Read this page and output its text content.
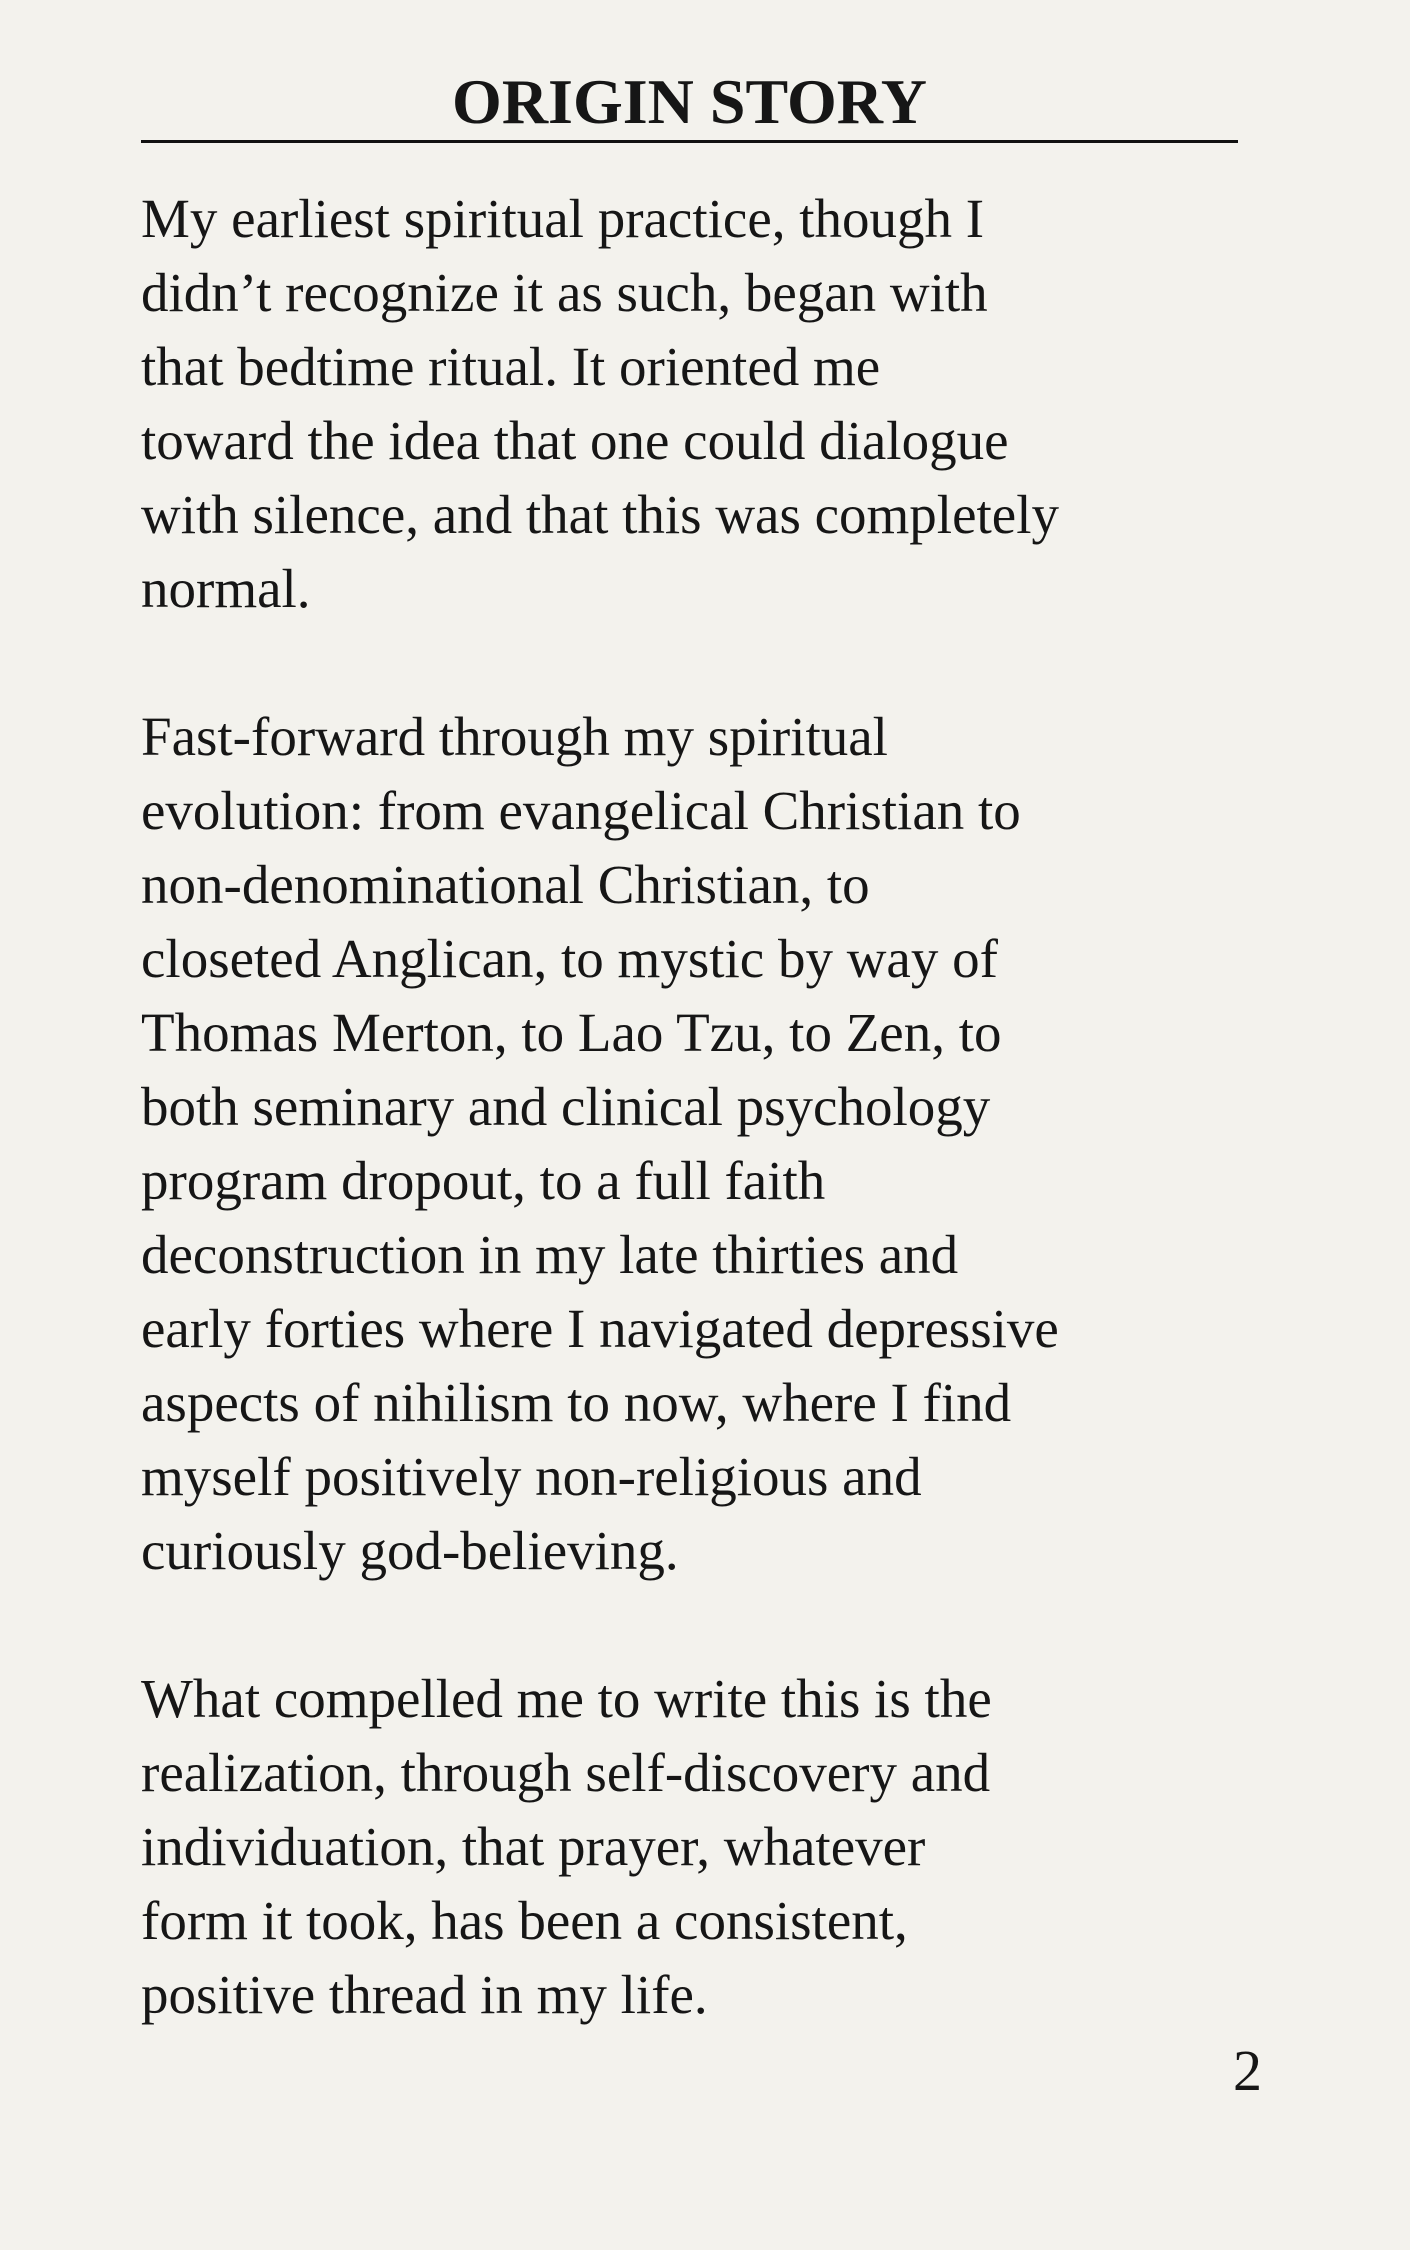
ORIGIN STORY

My earliest spiritual practice, though I
didn’t recognize it as such, began with
that bedtime ritual. It oriented me
toward the idea that one could dialogue
with silence, and that this was completely
normal.

Fast-forward through my spiritual
evolution: from evangelical Christian to
non-denominational Christian, to
closeted Anglican, to mystic by way of
Thomas Merton, to Lao Tzu, to Zen, to
both seminary and clinical psychology
program dropout, to a full faith
deconstruction in my late thirties and
early forties where I navigated depressive
aspects of nihilism to now, where I find
myself positively non-religious and
curiously god-believing.

What compelled me to write this is the
realization, through self-discovery and
individuation, that prayer, whatever
form it took, has been a consistent,
positive thread in my life.

2
